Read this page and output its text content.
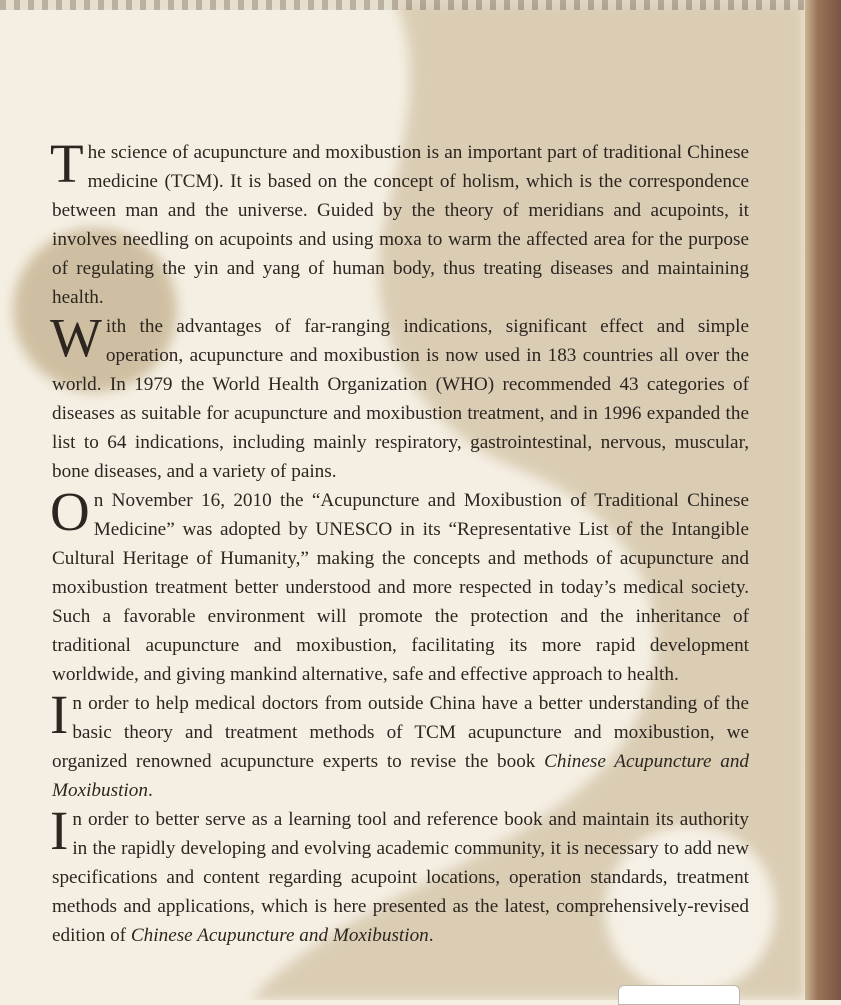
The science of acupuncture and moxibustion is an important part of traditional Chinese medicine (TCM). It is based on the concept of holism, which is the correspondence between man and the universe. Guided by the theory of meridians and acupoints, it involves needling on acupoints and using moxa to warm the affected area for the purpose of regulating the yin and yang of human body, thus treating diseases and maintaining health.

With the advantages of far-ranging indications, significant effect and simple operation, acupuncture and moxibustion is now used in 183 countries all over the world. In 1979 the World Health Organization (WHO) recommended 43 categories of diseases as suitable for acupuncture and moxibustion treatment, and in 1996 expanded the list to 64 indications, including mainly respiratory, gastrointestinal, nervous, muscular, bone diseases, and a variety of pains.

On November 16, 2010 the “Acupuncture and Moxibustion of Traditional Chinese Medicine” was adopted by UNESCO in its “Representative List of the Intangible Cultural Heritage of Humanity,” making the concepts and methods of acupuncture and moxibustion treatment better understood and more respected in today’s medical society. Such a favorable environment will promote the protection and the inheritance of traditional acupuncture and moxibustion, facilitating its more rapid development worldwide, and giving mankind alternative, safe and effective approach to health.

In order to help medical doctors from outside China have a better understanding of the basic theory and treatment methods of TCM acupuncture and moxibustion, we organized renowned acupuncture experts to revise the book Chinese Acupuncture and Moxibustion.

In order to better serve as a learning tool and reference book and maintain its authority in the rapidly developing and evolving academic community, it is necessary to add new specifications and content regarding acupoint locations, operation standards, treatment methods and applications, which is here presented as the latest, comprehensively-revised edition of Chinese Acupuncture and Moxibustion.
